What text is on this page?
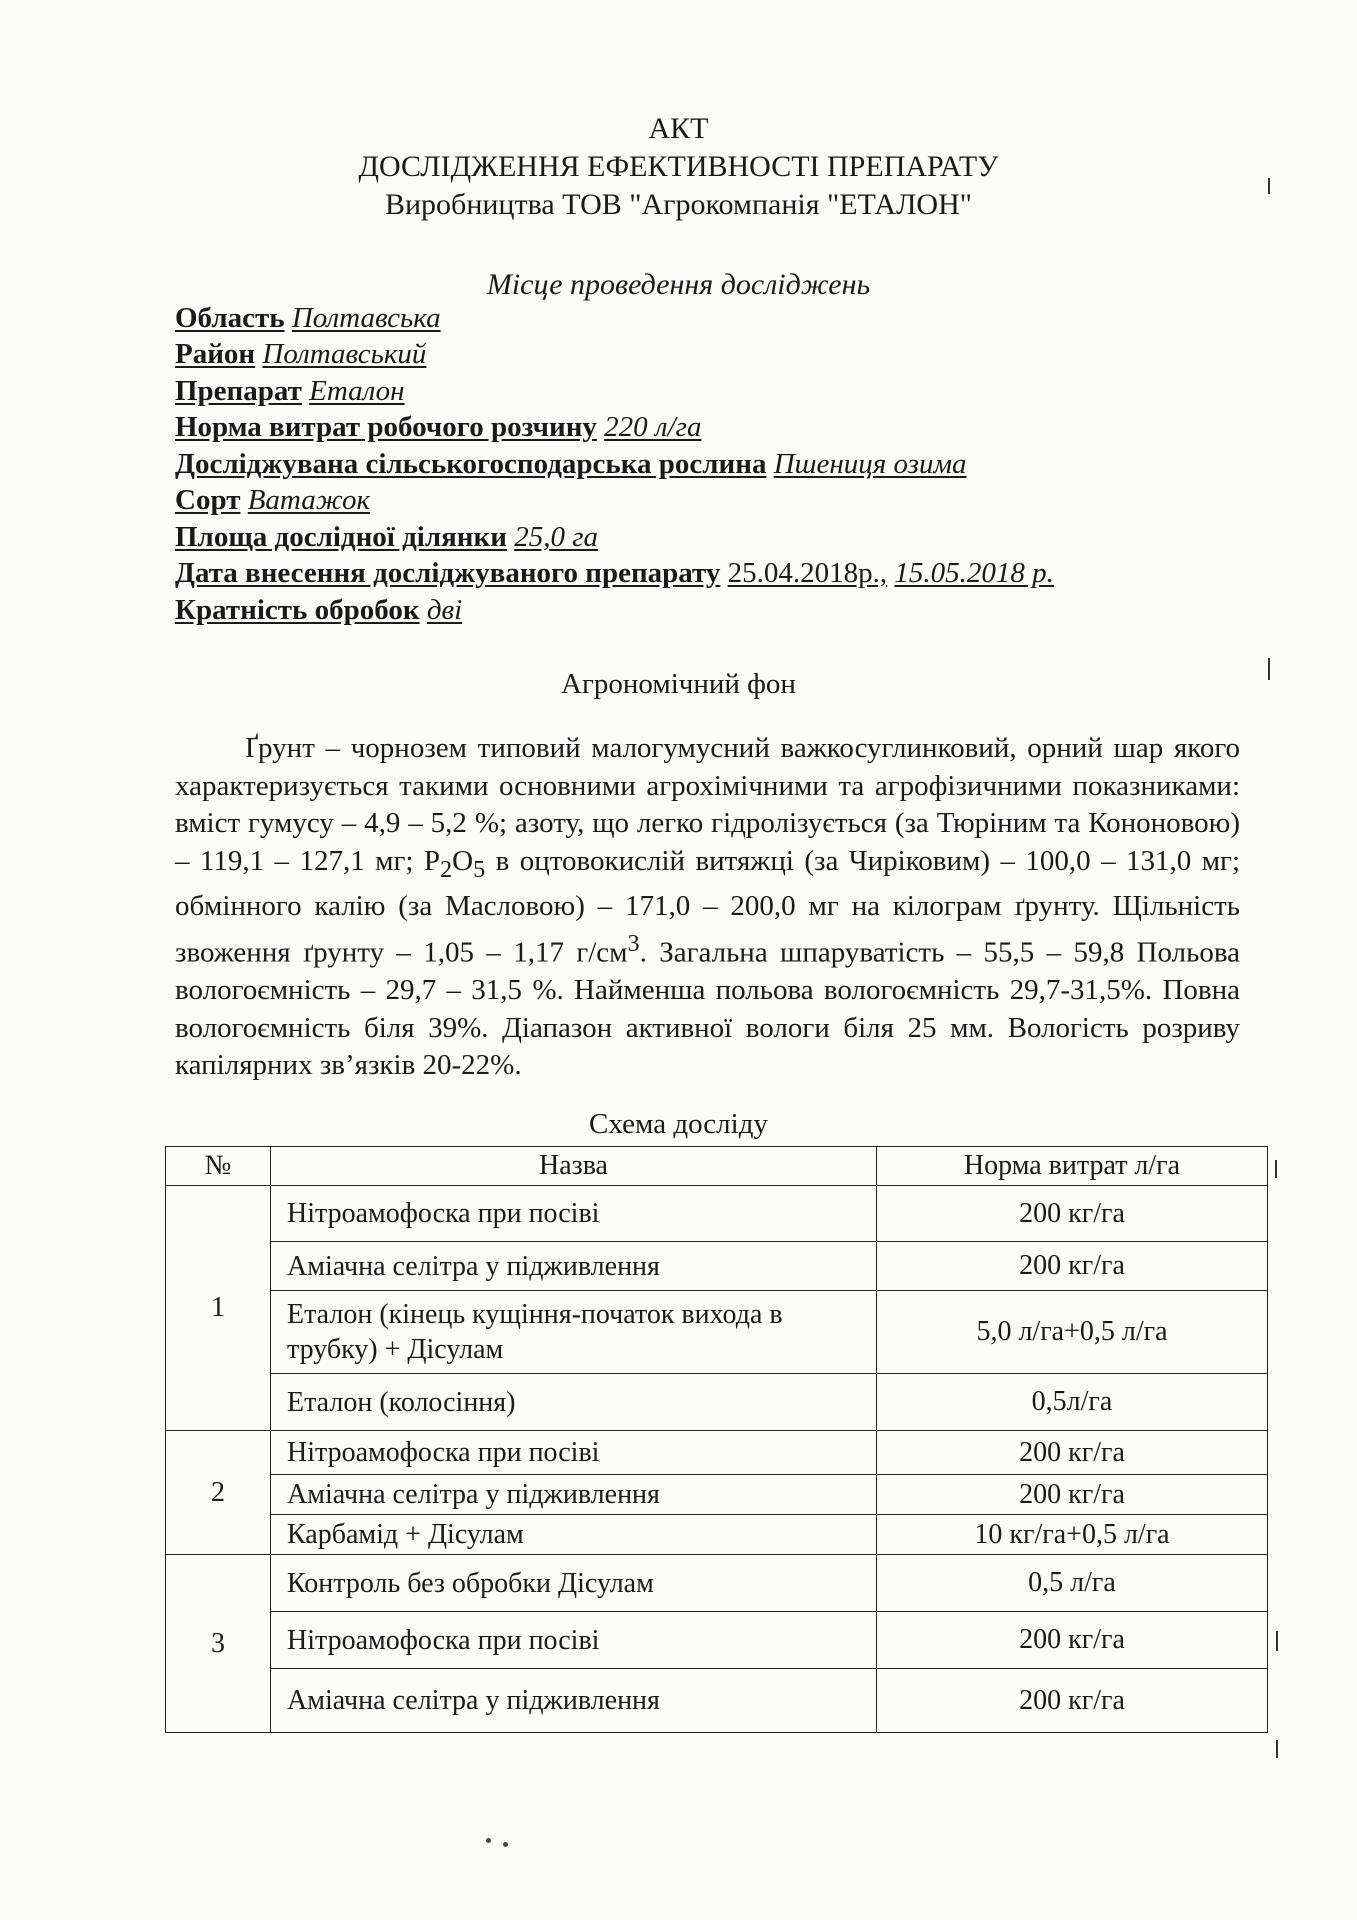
АКТ
ДОСЛІДЖЕННЯ ЕФЕКТИВНОСТІ ПРЕПАРАТУ
Виробництва ТОВ "Агрокомпанія "ЕТАЛОН"
Місце проведення досліджень
Область Полтавська
Район Полтавський
Препарат Еталон
Норма витрат робочого розчину 220 л/га
Досліджувана сільськогосподарська рослина Пшениця озима
Сорт Ватажок
Площа дослідної ділянки 25,0 га
Дата внесення досліджуваного препарату 25.04.2018р., 15.05.2018 р.
Кратність обробок дві
Агрономічний фон

Ґрунт – чорнозем типовий малогумусний важкосуглинковий, орний шар якого характеризується такими основними агрохімічними та агрофізичними показниками: вміст гумусу – 4,9 – 5,2 %; азоту, що легко гідролізується (за Тюріним та Кононовою) – 119,1 – 127,1 мг; $P_2O_5$ в оцтовокислій витяжці (за Чиріковим) – 100,0 – 131,0 мг; обмінного калію (за Масловою) – 171,0 – 200,0 мг на кілограм ґрунту. Щільність звоження ґрунту – 1,05 – 1,17 $г/см^3$. Загальна шпаруватість – 55,5 – 59,8 Польова вологоємність – 29,7 – 31,5 %. Найменша польова вологоємність 29,7-31,5%. Повна вологоємність біля 39%. Діапазон активної вологи біля 25 мм. Вологість розриву капілярних зв’язків 20-22%.

Схема досліду
№	Назва	Норма витрат л/га
1	Нітроамофоска при посіві	200 кг/га
	Аміачна селітра у підживлення	200 кг/га
	Еталон (кінець кущіння-початок вихода в трубку) + Дісулам	5,0 л/га+0,5 л/га
	Еталон (колосіння)	0,5л/га
2	Нітроамофоска при посіві	200 кг/га
	Аміачна селітра у підживлення	200 кг/га
	Карбамід + Дісулам	10 кг/га+0,5 л/га
3	Контроль без обробки Дісулам	0,5 л/га
	Нітроамофоска при посіві	200 кг/га
	Аміачна селітра у підживлення	200 кг/га
